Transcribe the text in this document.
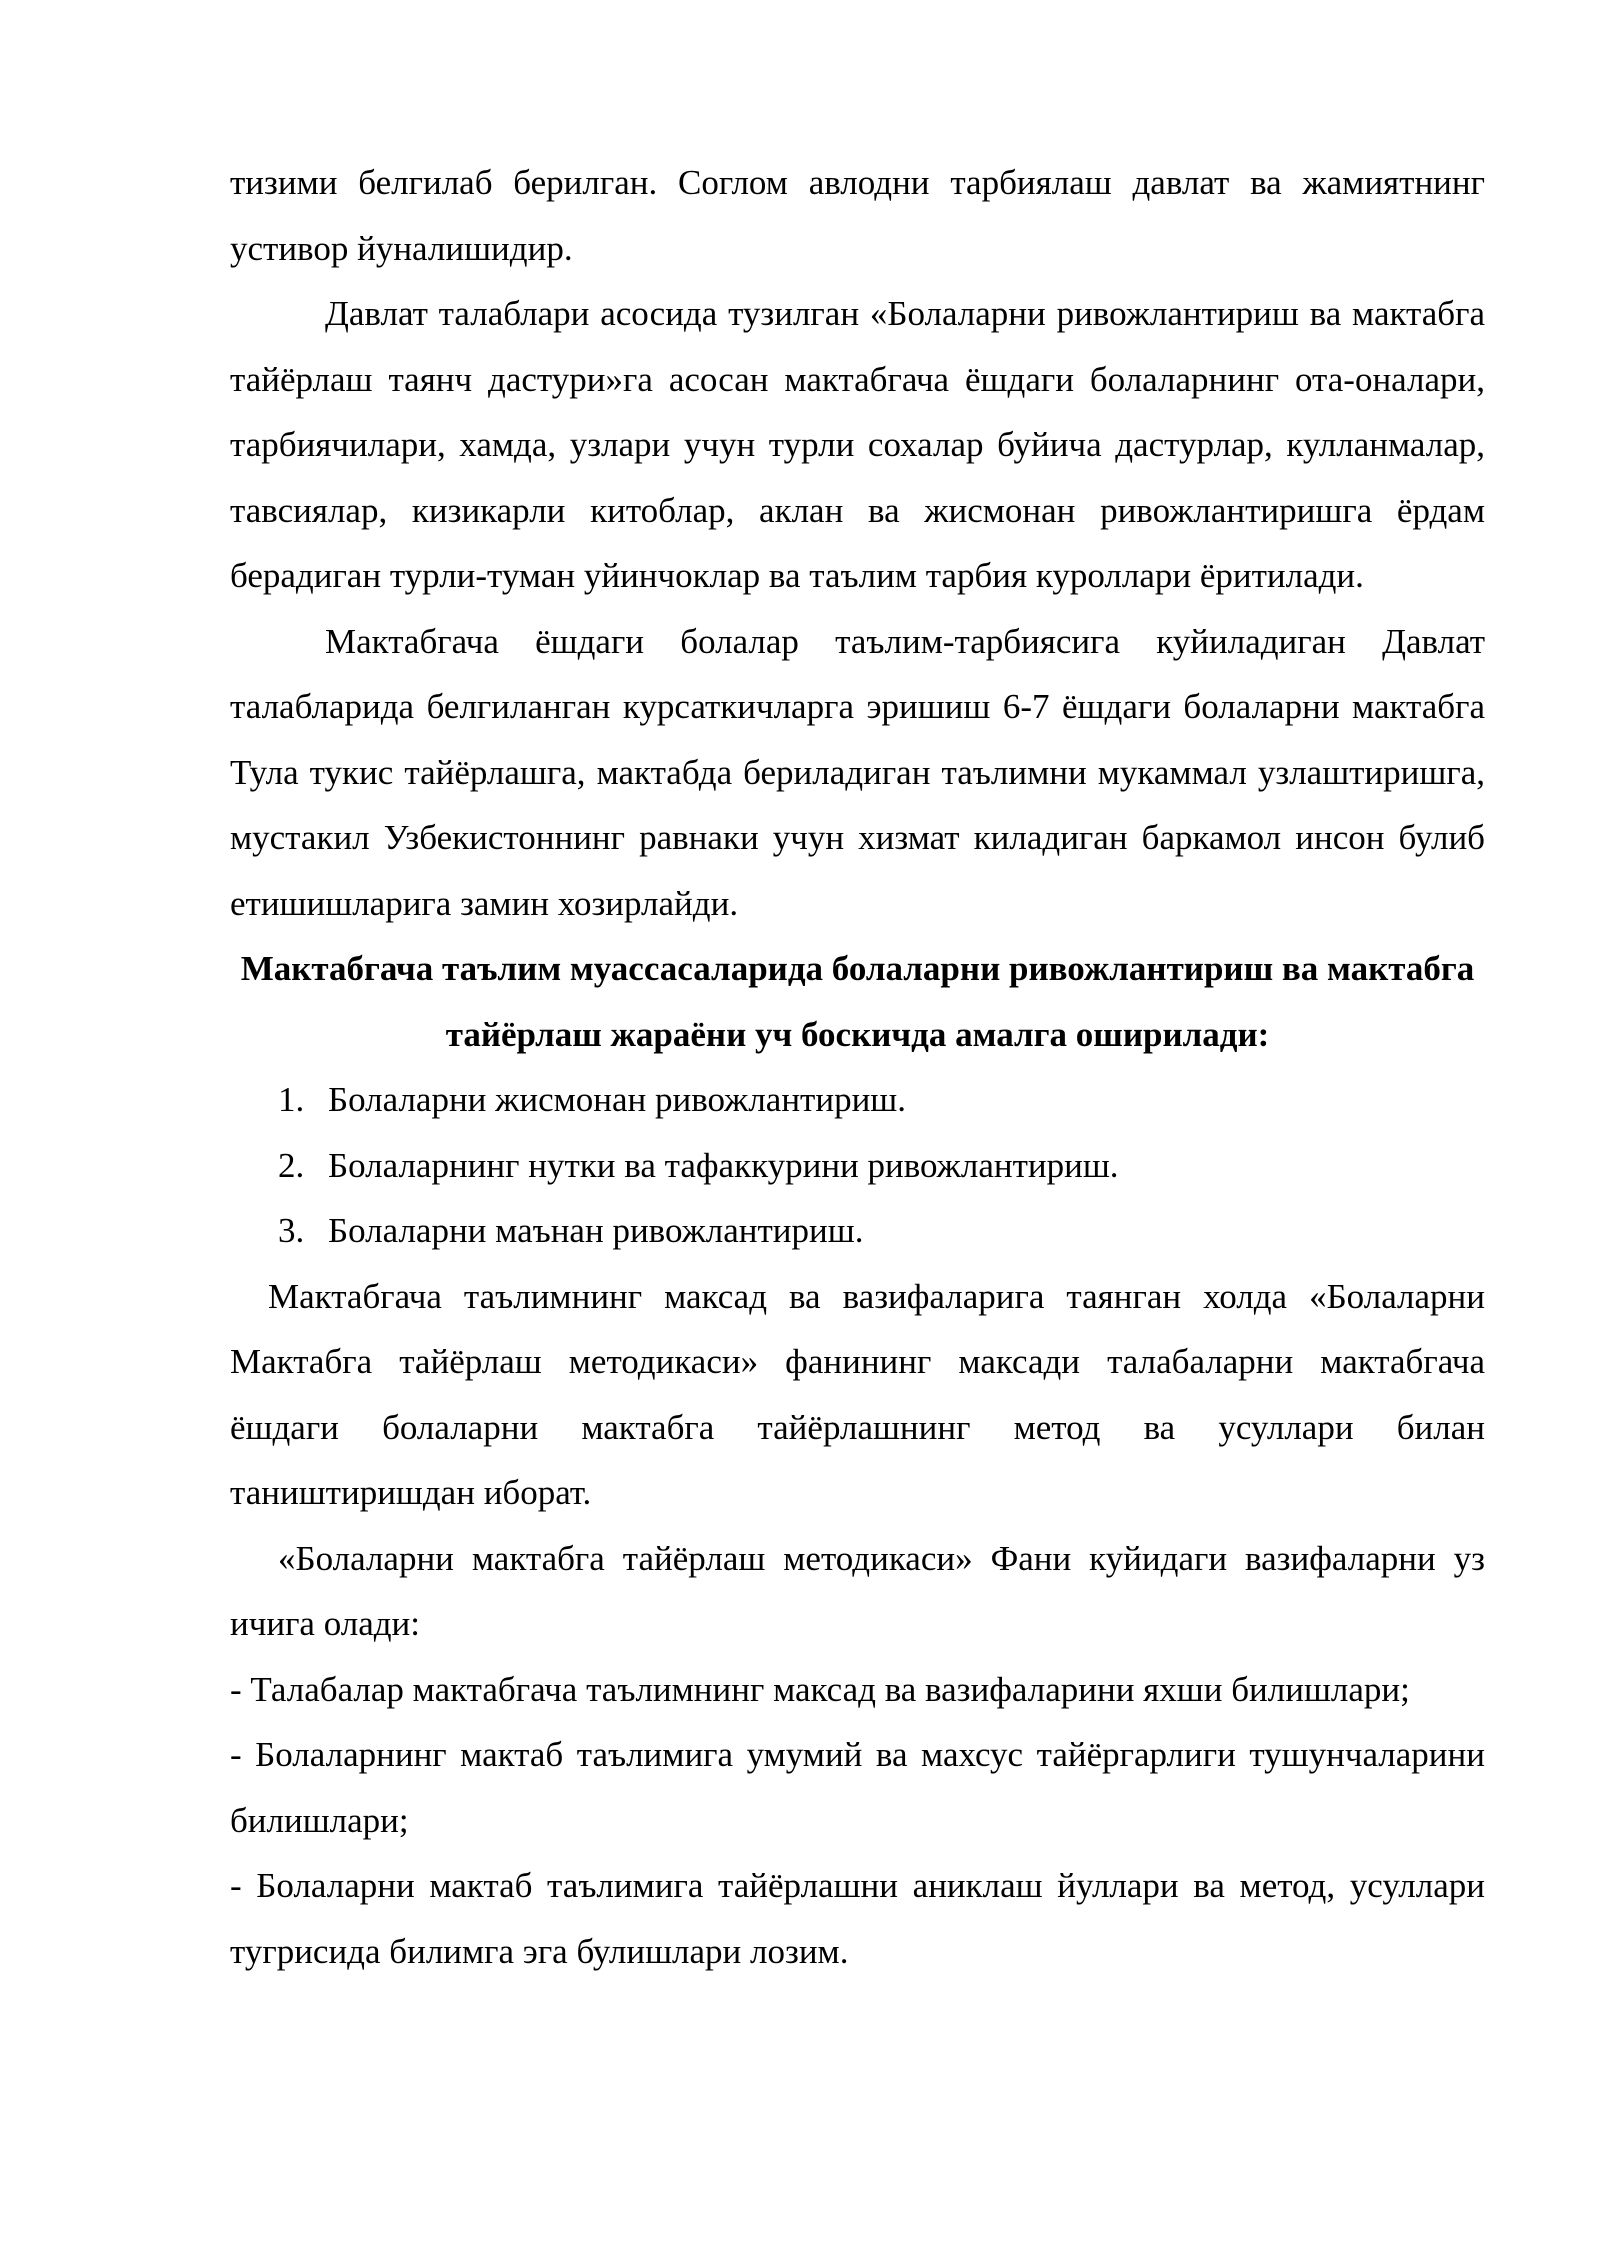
тизими белгилаб берилган. Соглом авлодни тарбиялаш давлат ва жамиятнинг устивор йуналишидир.

Давлат талаблари асосида тузилган «Болаларни ривожлантириш ва мактабга тайёрлаш таянч дастури»га асосан мактабгача ёшдаги болаларнинг ота-оналари, тарбиячилари, хамда, узлари учун турли сохалар буйича дастурлар, кулланмалар, тавсиялар, кизикарли китоблар, аклан ва жисмонан ривожлантиришга ёрдам берадиган турли-туман уйинчоклар ва таълим тарбия куроллари ёритилади.

Мактабгача ёшдаги болалар таълим-тарбиясига куйиладиган Давлат талабларида белгиланган курсаткичларга эришиш 6-7 ёшдаги болаларни мактабга Тула тукис тайёрлашга, мактабда бериладиган таълимни мукаммал узлаштиришга, мустакил Узбекистоннинг равнаки учун хизмат киладиган баркамол инсон булиб етишишларига замин хозирлайди.

Мактабгача таълим муассасаларида болаларни ривожлантириш ва мактабга тайёрлаш жараёни уч боскичда амалга оширилади:

1. Болаларни жисмонан ривожлантириш.
2. Болаларнинг нутки ва тафаккурини ривожлантириш.
3. Болаларни маънан ривожлантириш.

Мактабгача таълимнинг максад ва вазифаларига таянган холда «Болаларни Мактабга тайёрлаш методикаси» фанининг максади талабаларни мактабгача ёшдаги болаларни мактабга тайёрлашнинг метод ва усуллари билан таништиришдан иборат.

«Болаларни мактабга тайёрлаш методикаси» Фани куйидаги вазифаларни уз ичига олади:

- Талабалар мактабгача таълимнинг максад ва вазифаларини яхши билишлари;

- Болаларнинг мактаб таълимига умумий ва махсус тайёргарлиги тушунчаларини билишлари;

- Болаларни мактаб таълимига тайёрлашни аниклаш йуллари ва метод, усуллари тугрисида билимга эга булишлари лозим.
